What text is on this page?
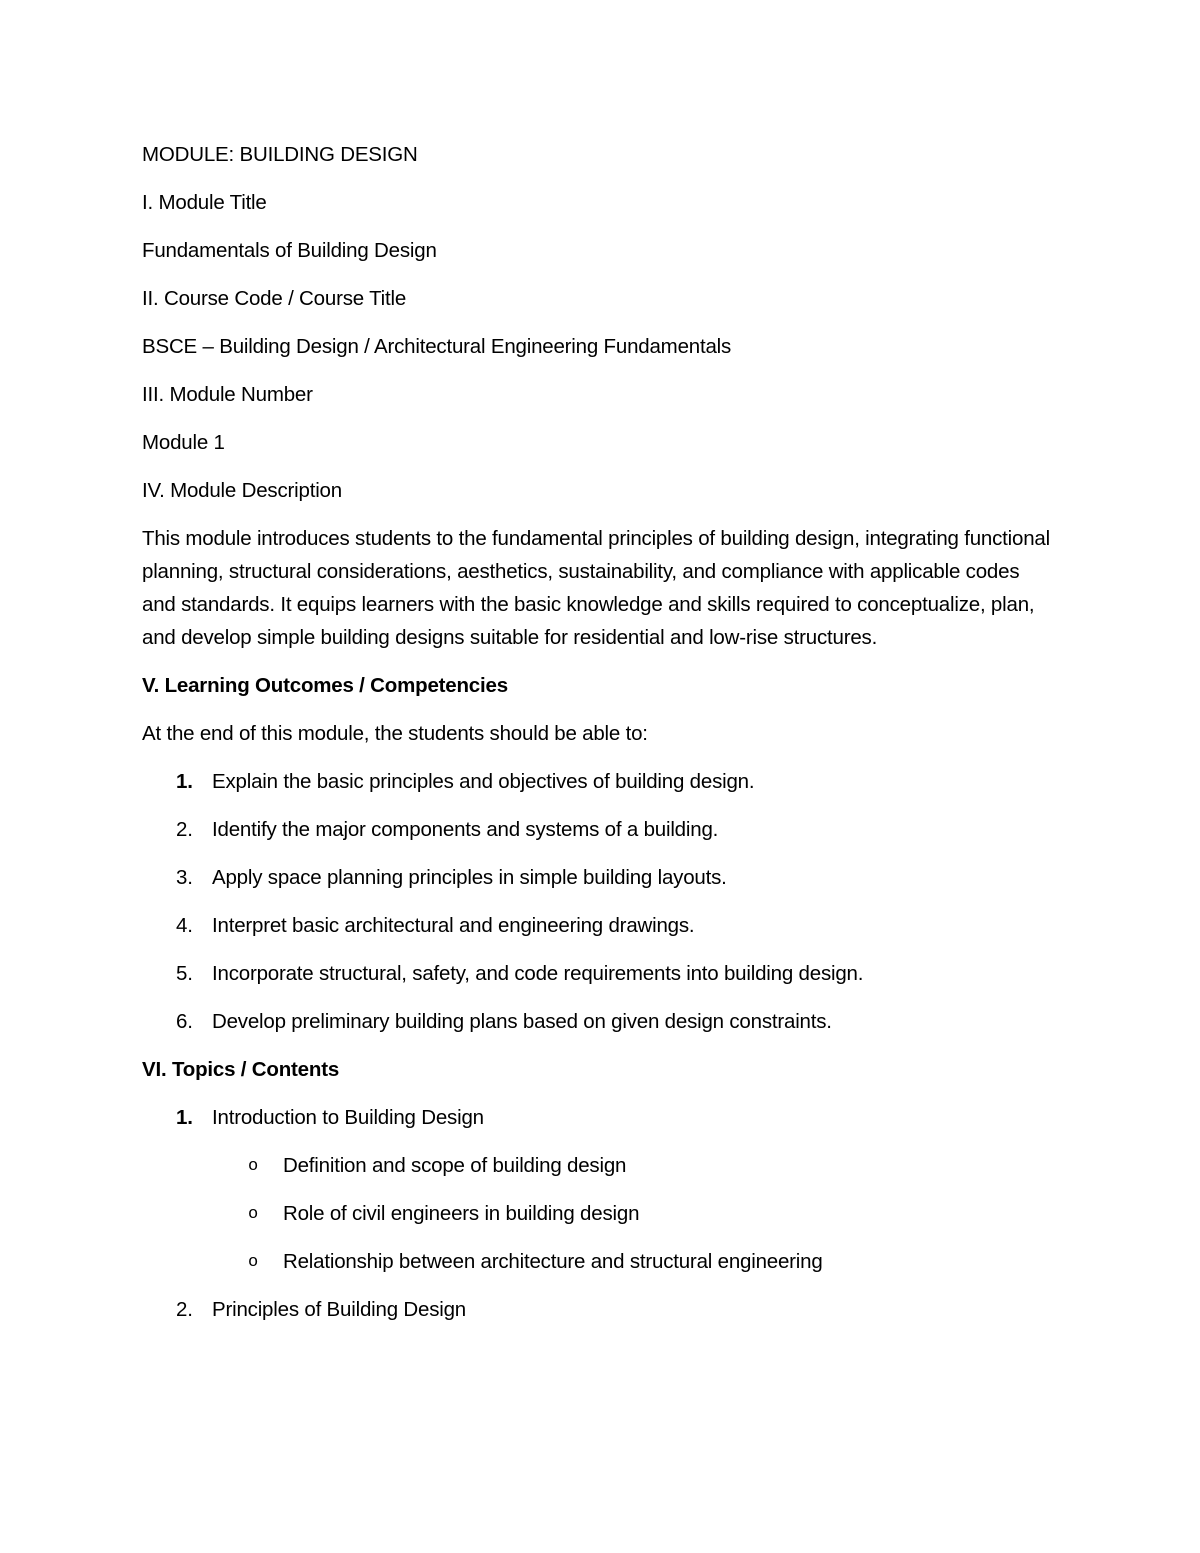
MODULE: BUILDING DESIGN
I. Module Title
Fundamentals of Building Design
II. Course Code / Course Title
BSCE – Building Design / Architectural Engineering Fundamentals
III. Module Number
Module 1
IV. Module Description
This module introduces students to the fundamental principles of building design, integrating functional planning, structural considerations, aesthetics, sustainability, and compliance with applicable codes and standards. It equips learners with the basic knowledge and skills required to conceptualize, plan, and develop simple building designs suitable for residential and low-rise structures.
V. Learning Outcomes / Competencies
At the end of this module, the students should be able to:
1. Explain the basic principles and objectives of building design.
2. Identify the major components and systems of a building.
3. Apply space planning principles in simple building layouts.
4. Interpret basic architectural and engineering drawings.
5. Incorporate structural, safety, and code requirements into building design.
6. Develop preliminary building plans based on given design constraints.
VI. Topics / Contents
1. Introduction to Building Design
o Definition and scope of building design
o Role of civil engineers in building design
o Relationship between architecture and structural engineering
2. Principles of Building Design
